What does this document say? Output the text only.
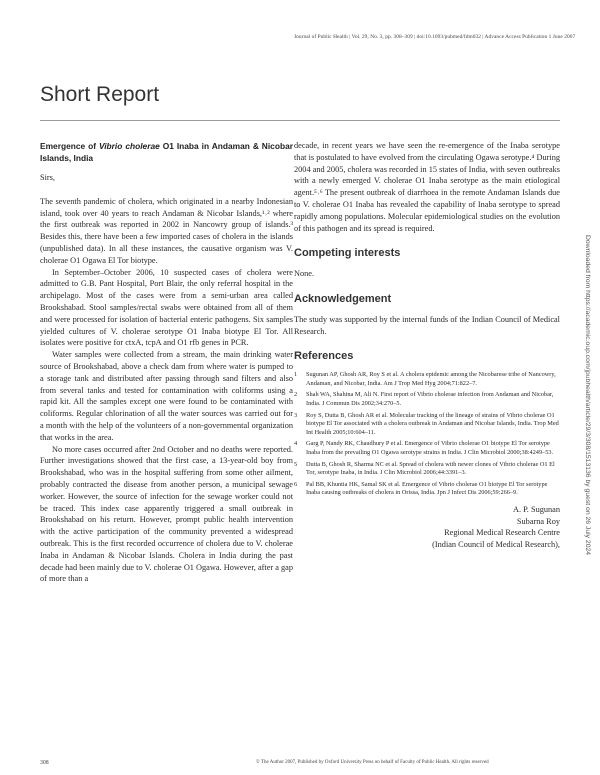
Journal of Public Health | Vol. 29, No. 3, pp. 308–309 | doi:10.1093/pubmed/fdm032 | Advance Access Publication 1 June 2007
Short Report
Emergence of Vibrio cholerae O1 Inaba in Andaman & Nicobar Islands, India
Sirs,

The seventh pandemic of cholera, which originated in a nearby Indonesian island, took over 40 years to reach Andaman & Nicobar Islands,¹˒² where the first outbreak was reported in 2002 in Nancowry group of islands.³ Besides this, there have been a few imported cases of cholera in the islands (unpublished data). In all these instances, the causative organism was V. cholerae O1 Ogawa El Tor biotype.

In September–October 2006, 10 suspected cases of cholera were admitted to G.B. Pant Hospital, Port Blair, the only referral hospital in the archipelago. Most of the cases were from a semi-urban area called Brookshabad. Stool samples/rectal swabs were obtained from all of them and were processed for isolation of bacterial enteric pathogens. Six samples yielded cultures of V. cholerae serotype O1 Inaba biotype El Tor. All isolates were positive for ctxA, tcpA and O1 rfb genes in PCR.

Water samples were collected from a stream, the main drinking water source of Brookshabad, above a check dam from where water is pumped to a storage tank and distributed after passing through sand filters and also from several tanks and tested for contamination with coliforms using a rapid kit. All the samples except one were found to be contaminated with coliforms. Regular chlorination of all the water sources was carried out for a month with the help of the volunteers of a non-governmental organization that works in the area.

No more cases occurred after 2nd October and no deaths were reported. Further investigations showed that the first case, a 13-year-old boy from Brookshabad, who was in the hospital suffering from some other ailment, probably contracted the disease from another person, a municipal sewage worker. However, the source of infection for the sewage worker could not be traced. This index case apparently triggered a small outbreak in Brookshabad on his return. However, prompt public health intervention with the active participation of the community prevented a widespread outbreak. This is the first recorded occurrence of cholera due to V. cholerae Inaba in Andaman & Nicobar Islands. Cholera in India during the past decade had been mainly due to V. cholerae O1 Ogawa. However, after a gap of more than a

decade, in recent years we have seen the re-emergence of the Inaba serotype that is postulated to have evolved from the circulating Ogawa serotype.⁴ During 2004 and 2005, cholera was recorded in 15 states of India, with seven outbreaks with a newly emerged V. cholerae O1 Inaba serotype as the main etiological agent.⁵˒⁶ The present outbreak of diarrhoea in the remote Andaman Islands due to V. cholerae O1 Inaba has revealed the capability of Inaba serotype to spread rapidly among populations. Molecular epidemiological studies on the evolution of this pathogen and its spread is required.

Competing interests

None.

Acknowledgement

The study was supported by the internal funds of the Indian Council of Medical Research.

References
1 Sugunan AP, Ghosh AR, Roy S et al. A cholera epidemic among the Nicobarese tribe of Nancowry, Andaman, and Nicobar, India. Am J Trop Med Hyg 2004;71:822–7.
2 Shah WA, Shahina M, Ali N. First report of Vibrio cholerae infection from Andaman and Nicobar, India. J Commun Dis 2002;34:270–5.
3 Roy S, Dutta B, Ghosh AR et al. Molecular tracking of the lineage of strains of Vibrio cholerae O1 biotype El Tor associated with a cholera outbreak in Andaman and Nicobar Islands, India. Trop Med Int Health 2005;10:604–11.
4 Garg P, Nandy RK, Chaudhury P et al. Emergence of Vibrio cholerae O1 biotype El Tor serotype Inaba from the prevailing O1 Ogawa serotype strains in India. J Clin Microbiol 2000;38:4249–53.
5 Dutta B, Ghosh R, Sharma NC et al. Spread of cholera with newer clones of Vibrio cholerae O1 El Tor, serotype Inaba, in India. J Clin Microbiol 2006;44:3391–3.
6 Pal BB, Khuntia HK, Samal SK et al. Emergence of Vibrio cholerae O1 biotype El Tor serotype Inaba causing outbreaks of cholera in Orissa, India. Jpn J Infect Dis 2006;59:266–9.
A. P. Sugunan
Subarna Roy
Regional Medical Research Centre
(Indian Council of Medical Research),	Downloaded from https://academic.oup.com/jpubhealth/article/29/3/308/1513136 by guest on 26 July 2024
308	© The Author 2007, Published by Oxford University Press on behalf of Faculty of Public Health. All rights reserved
